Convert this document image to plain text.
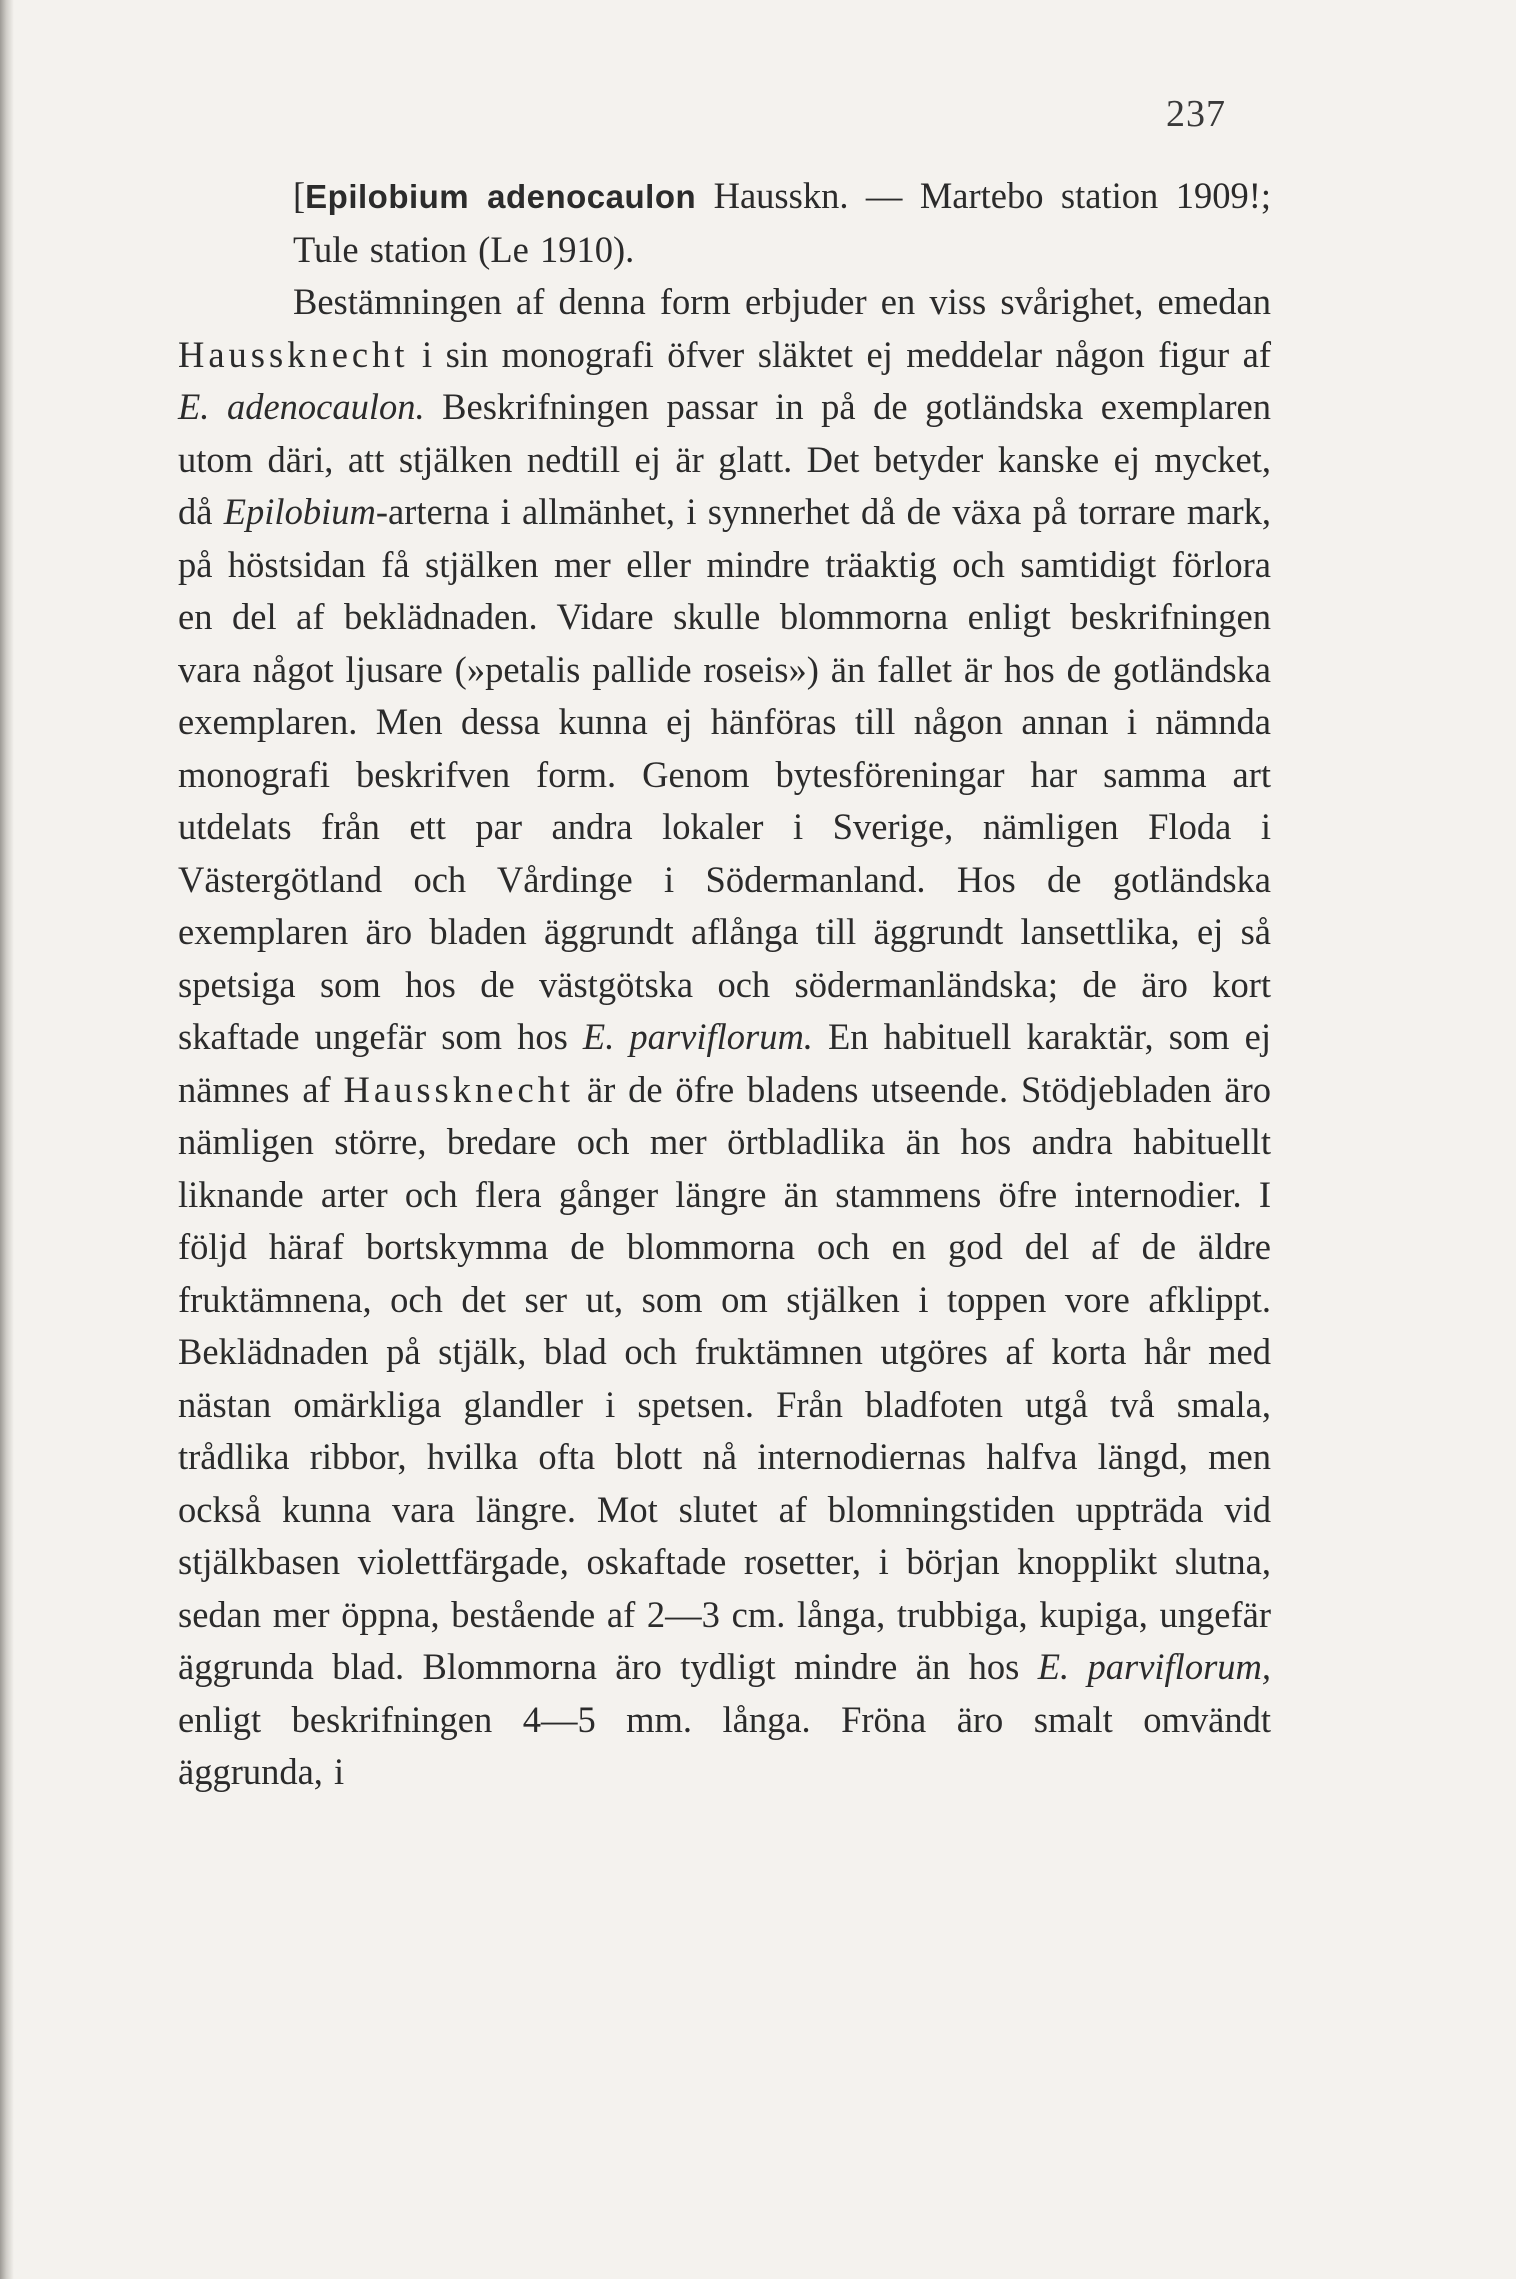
237

[Epilobium adenocaulon Hausskn. — Martebo station 1909!; Tule station (Le 1910).

Bestämningen af denna form erbjuder en viss svårighet, emedan Haussknecht i sin monografi öfver släktet ej meddelar någon figur af E. adenocaulon. Beskrifningen passar in på de gotländska exemplaren utom däri, att stjälken nedtill ej är glatt. Det betyder kanske ej mycket, då Epilobium-arterna i allmänhet, i synnerhet då de växa på torrare mark, på höstsidan få stjälken mer eller mindre träaktig och samtidigt förlora en del af beklädnaden. Vidare skulle blommorna enligt beskrifningen vara något ljusare (»petalis pallide roseis») än fallet är hos de gotländska exemplaren. Men dessa kunna ej hänföras till någon annan i nämnda monografi beskrifven form. Genom bytesföreningar har samma art utdelats från ett par andra lokaler i Sverige, nämligen Floda i Västergötland och Vårdinge i Södermanland. Hos de gotländska exemplaren äro bladen äggrundt aflånga till äggrundt lansettlika, ej så spetsiga som hos de västgötska och södermanländska; de äro kort skaftade ungefär som hos E. parviflorum. En habituell karaktär, som ej nämnes af Haussknecht är de öfre bladens utseende. Stödjebladen äro nämligen större, bredare och mer örtbladlika än hos andra habituellt liknande arter och flera gånger längre än stammens öfre internodier. I följd häraf bortskymma de blommorna och en god del af de äldre fruktämnena, och det ser ut, som om stjälken i toppen vore afklippt. Beklädnaden på stjälk, blad och fruktämnen utgöres af korta hår med nästan omärkliga glandler i spetsen. Från bladfoten utgå två smala, trådlika ribbor, hvilka ofta blott nå internodiernas halfva längd, men också kunna vara längre. Mot slutet af blomningstiden uppträda vid stjälkbasen violettfärgade, oskaftade rosetter, i början knopplikt slutna, sedan mer öppna, bestående af 2—3 cm. långa, trubbiga, kupiga, ungefär äggrunda blad. Blommorna äro tydligt mindre än hos E. parviflorum, enligt beskrifningen 4—5 mm. långa. Fröna äro smalt omvändt äggrunda, i
